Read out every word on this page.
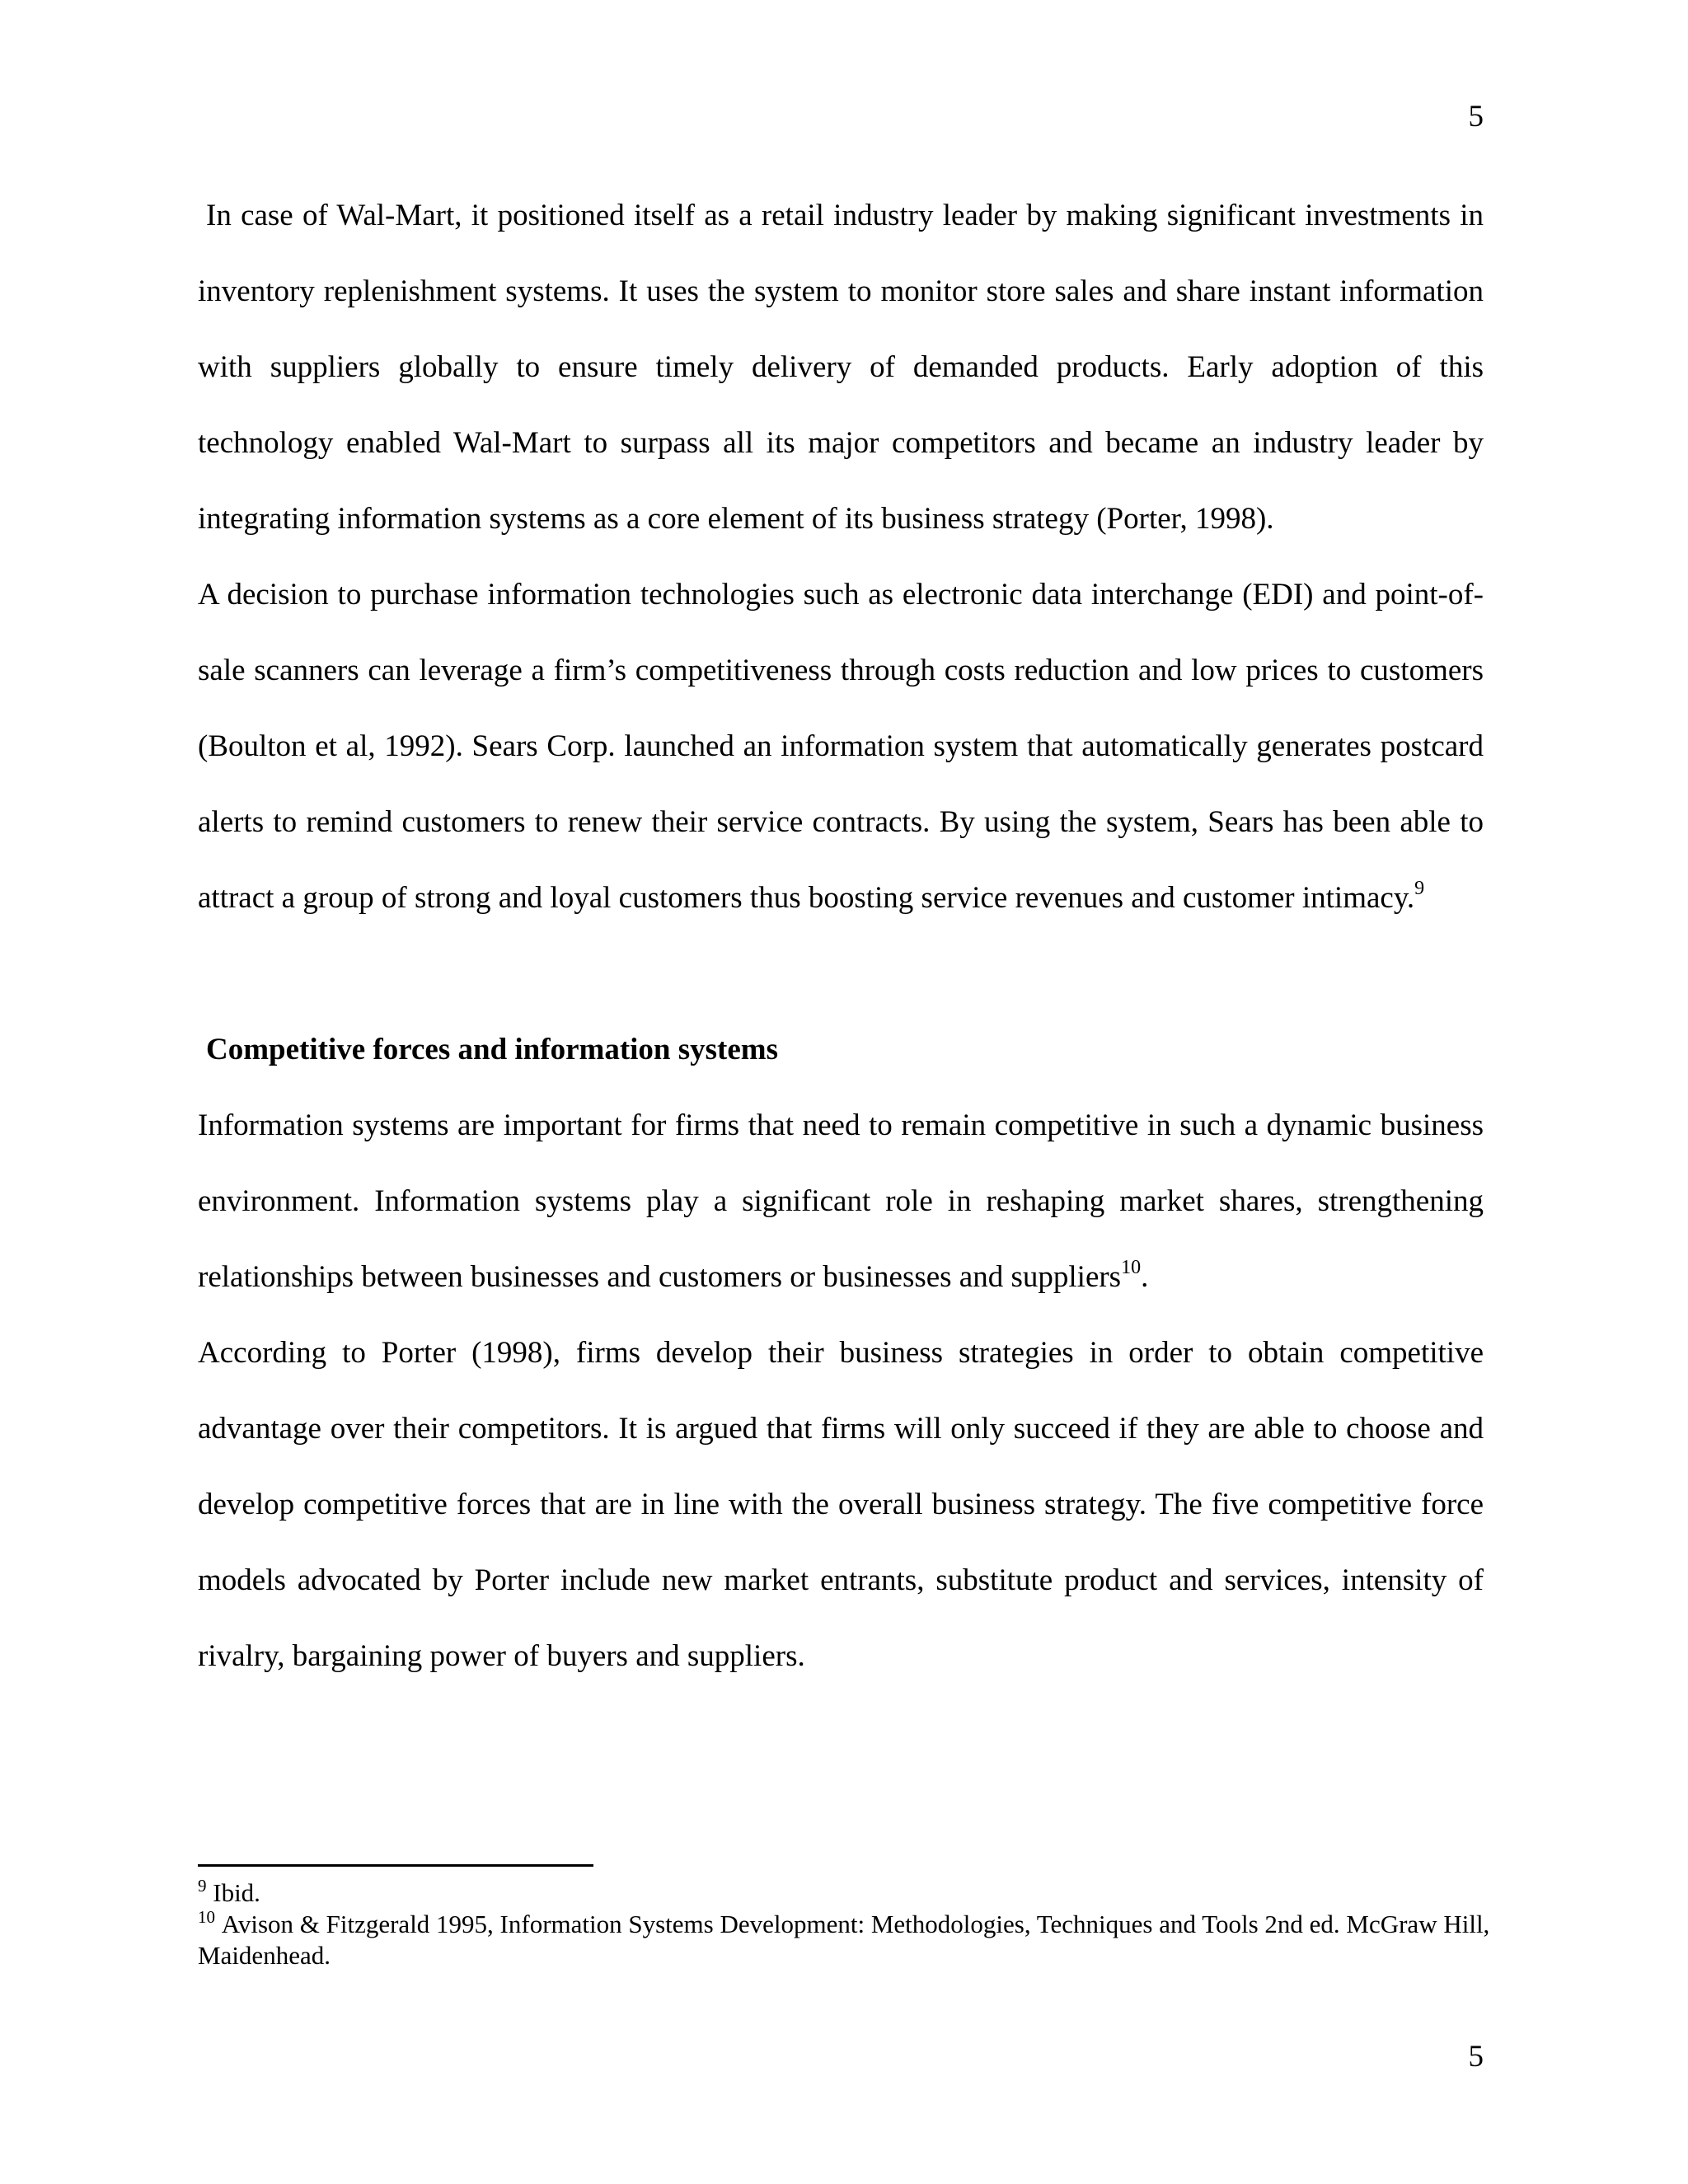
5

In case of Wal-Mart, it positioned itself as a retail industry leader by making significant investments in inventory replenishment systems. It uses the system to monitor store sales and share instant information with suppliers globally to ensure timely delivery of demanded products. Early adoption of this technology enabled Wal-Mart to surpass all its major competitors and became an industry leader by integrating information systems as a core element of its business strategy (Porter, 1998).

A decision to purchase information technologies such as electronic data interchange (EDI) and point-of-sale scanners can leverage a firm’s competitiveness through costs reduction and low prices to customers (Boulton et al, 1992). Sears Corp. launched an information system that automatically generates postcard alerts to remind customers to renew their service contracts. By using the system, Sears has been able to attract a group of strong and loyal customers thus boosting service revenues and customer intimacy.$^9$

Competitive forces and information systems

Information systems are important for firms that need to remain competitive in such a dynamic business environment. Information systems play a significant role in reshaping market shares, strengthening relationships between businesses and customers or businesses and suppliers$^{10}$.

According to Porter (1998), firms develop their business strategies in order to obtain competitive advantage over their competitors. It is argued that firms will only succeed if they are able to choose and develop competitive forces that are in line with the overall business strategy. The five competitive force models advocated by Porter include new market entrants, substitute product and services, intensity of rivalry, bargaining power of buyers and suppliers.

$^9$ Ibid.

$^{10}$ Avison & Fitzgerald 1995, Information Systems Development: Methodologies, Techniques and Tools 2nd ed. McGraw Hill, Maidenhead.

5
